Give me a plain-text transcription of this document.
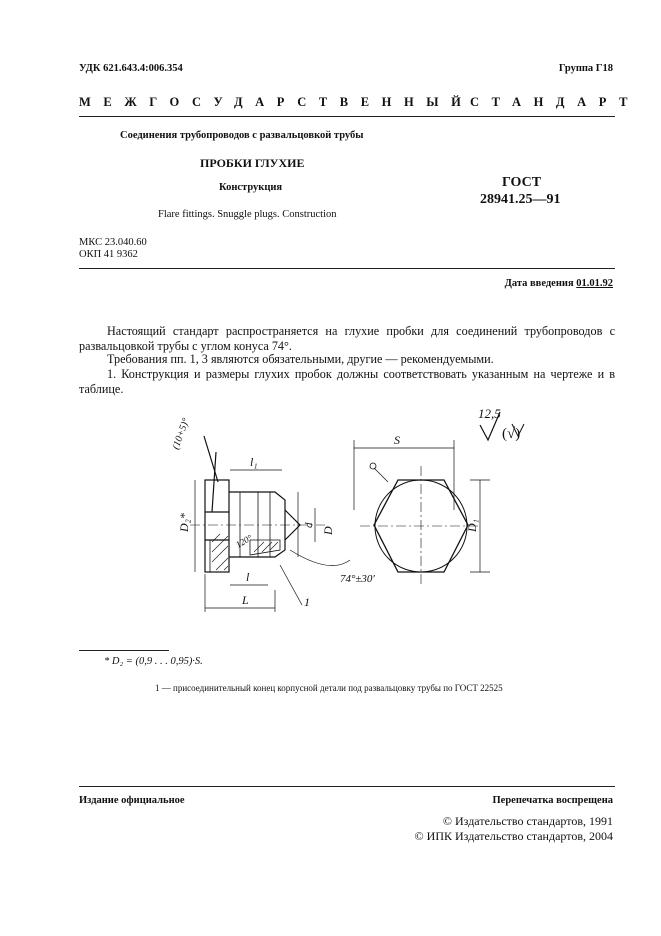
УДК 621.643.4:006.354	Группа Г18
МЕЖГОСУДАРСТВЕННЫЙ
СТАНДАРТ
Соединения трубопроводов с развальцовкой трубы
ПРОБКИ ГЛУХИЕ
Конструкция
Flare fittings. Snuggle plugs. Construction
ГОСТ
28941.25—91
МКС 23.040.60
ОКП 41 9362
Дата введения 01.01.92
Настоящий стандарт распространяется на глухие пробки для соединений трубопроводов с развальцовкой трубы с углом конуса 74°.
Требования пп. 1, 3 являются обязательными, другие — рекомендуемыми.
1. Конструкция и размеры глухих пробок должны соответствовать указанным на чертеже и в таблице.
12,5
(√)
(10+5)°
l₁
D₂*	d
D
120°
l
L
74°±30′
1
S
D₁
* D₂ = (0,9 . . . 0,95)·S.
1 — присоединительный конец корпусной детали под развальцовку трубы по ГОСТ 22525
Издание официальное	Перепечатка воспрещена
© Издательство стандартов, 1991
© ИПК Издательство стандартов, 2004
